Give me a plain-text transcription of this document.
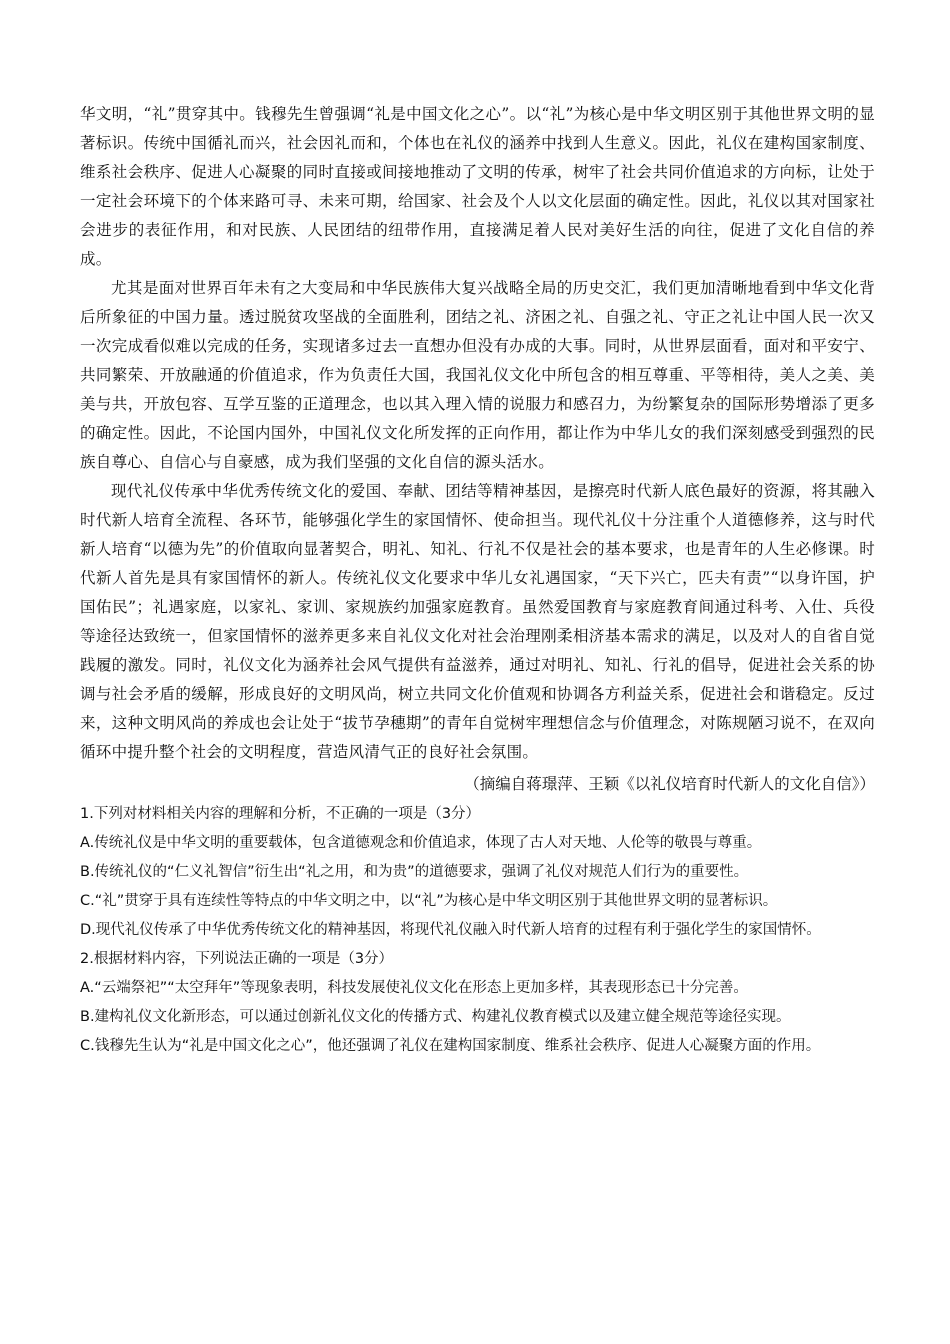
华文明，“礼”贯穿其中。钱穆先生曾强调“礼是中国文化之心”。以“礼”为核心是中华文明区别于其他世界文明的显著标识。传统中国循礼而兴，社会因礼而和，个体也在礼仪的涵养中找到人生意义。因此，礼仪在建构国家制度、维系社会秩序、促进人心凝聚的同时直接或间接地推动了文明的传承，树牢了社会共同价值追求的方向标，让处于一定社会环境下的个体来路可寻、未来可期，给国家、社会及个人以文化层面的确定性。因此，礼仪以其对国家社会进步的表征作用，和对民族、人民团结的纽带作用，直接满足着人民对美好生活的向往，促进了文化自信的养成。

尤其是面对世界百年未有之大变局和中华民族伟大复兴战略全局的历史交汇，我们更加清晰地看到中华文化背后所象征的中国力量。透过脱贫攻坚战的全面胜利，团结之礼、济困之礼、自强之礼、守正之礼让中国人民一次又一次完成看似难以完成的任务，实现诸多过去一直想办但没有办成的大事。同时，从世界层面看，面对和平安宁、共同繁荣、开放融通的价值追求，作为负责任大国，我国礼仪文化中所包含的相互尊重、平等相待，美人之美、美美与共，开放包容、互学互鉴的正道理念，也以其入理入情的说服力和感召力，为纷繁复杂的国际形势增添了更多的确定性。因此，不论国内国外，中国礼仪文化所发挥的正向作用，都让作为中华儿女的我们深刻感受到强烈的民族自尊心、自信心与自豪感，成为我们坚强的文化自信的源头活水。

现代礼仪传承中华优秀传统文化的爱国、奉献、团结等精神基因，是擦亮时代新人底色最好的资源，将其融入时代新人培育全流程、各环节，能够强化学生的家国情怀、使命担当。现代礼仪十分注重个人道德修养，这与时代新人培育“以德为先”的价值取向显著契合，明礼、知礼、行礼不仅是社会的基本要求，也是青年的人生必修课。时代新人首先是具有家国情怀的新人。传统礼仪文化要求中华儿女礼遇国家，“天下兴亡，匹夫有责”“以身许国，护国佑民”；礼遇家庭，以家礼、家训、家规族约加强家庭教育。虽然爱国教育与家庭教育间通过科考、入仕、兵役等途径达致统一，但家国情怀的滋养更多来自礼仪文化对社会治理刚柔相济基本需求的满足，以及对人的自省自觉践履的激发。同时，礼仪文化为涵养社会风气提供有益滋养，通过对明礼、知礼、行礼的倡导，促进社会关系的协调与社会矛盾的缓解，形成良好的文明风尚，树立共同文化价值观和协调各方利益关系，促进社会和谐稳定。反过来，这种文明风尚的养成也会让处于“拔节孕穗期”的青年自觉树牢理想信念与价值理念，对陈规陋习说不，在双向循环中提升整个社会的文明程度，营造风清气正的良好社会氛围。

（摘编自蒋璟萍、王颖《以礼仪培育时代新人的文化自信》）

1.下列对材料相关内容的理解和分析，不正确的一项是（3分）

A.传统礼仪是中华文明的重要载体，包含道德观念和价值追求，体现了古人对天地、人伦等的敬畏与尊重。

B.传统礼仪的“仁义礼智信”衍生出“礼之用，和为贵”的道德要求，强调了礼仪对规范人们行为的重要性。

C.“礼”贯穿于具有连续性等特点的中华文明之中，以“礼”为核心是中华文明区别于其他世界文明的显著标识。

D.现代礼仪传承了中华优秀传统文化的精神基因，将现代礼仪融入时代新人培育的过程有利于强化学生的家国情怀。

2.根据材料内容，下列说法正确的一项是（3分）

A.“云端祭祀”“太空拜年”等现象表明，科技发展使礼仪文化在形态上更加多样，其表现形态已十分完善。

B.建构礼仪文化新形态，可以通过创新礼仪文化的传播方式、构建礼仪教育模式以及建立健全规范等途径实现。

C.钱穆先生认为“礼是中国文化之心”，他还强调了礼仪在建构国家制度、维系社会秩序、促进人心凝聚方面的作用。
